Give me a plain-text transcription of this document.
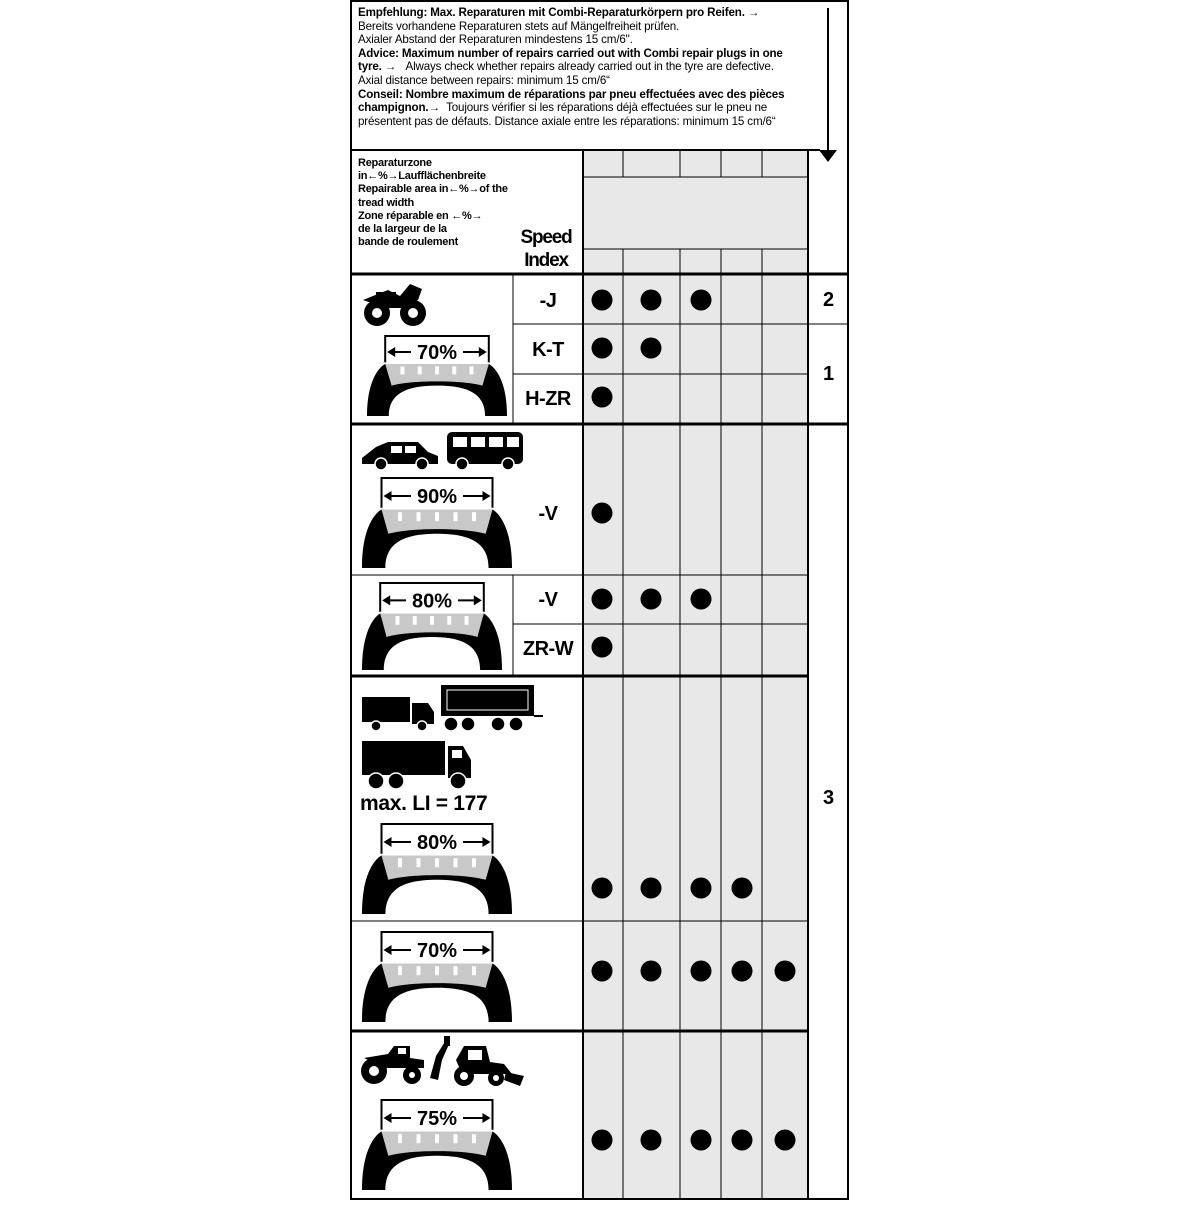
Empfehlung: Max. Reparaturen mit Combi-Reparaturkörpern pro Reifen. →
Bereits vorhandene Reparaturen stets auf Mängelfreiheit prüfen.
Axialer Abstand der Reparaturen mindestens 15 cm/6".
Advice: Maximum number of repairs carried out with Combi repair plugs in one
tyre. → Always check whether repairs already carried out in the tyre are defective.
Axial distance between repairs: minimum 15 cm/6“
Conseil: Nombre maximum de réparations par pneu effectuées avec des pièces
champignon.→ Toujours vérifier si les réparations déjà effectuées sur le pneu ne
présentent pas de défauts. Distance axiale entre les réparations: minimum 15 cm/6“
Reparaturzone
in←%→Laufflächenbreite
Repairable area in←%→of the
tread width
Zone réparable en ←%→
de la largeur de la
bande de roulement	Speed
Index
-J
K-T
H-ZR
-V
-V
ZR-W
2
1
3
max. LI = 177
70%
90%
80%
80%
70%
75%
